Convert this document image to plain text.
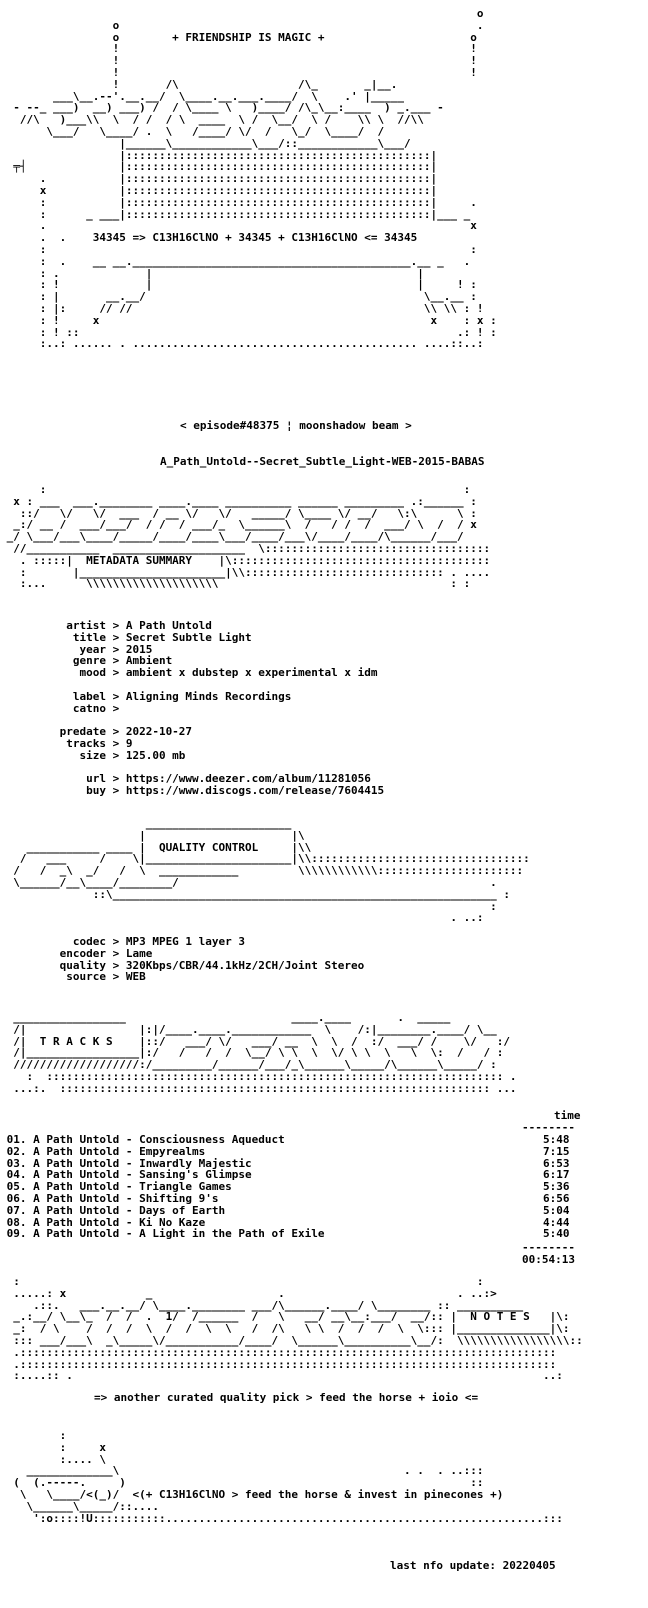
o
o                                                      .
o        + FRIENDSHIP IS MAGIC +                      o
!                                                     !
!                                                     !
!                                                     !
!       /\                  /\_       _|__.
___\__.--'.__.__/  \____.__.___.____/  \    .' |_____
- --_ ___)  __) ___) /  / \____ \   )____/ /\_\__:____  ) _.___ -
//\   )___\\  \  / /  / \  ____  \ /  \__/  \ /    \\ \  //\\
\___/   \____/ .  \   /____/ \/  /   \_/  \____/  /
|______\____________\___/::____________\___/
|::::::::::::::::::::::::::::::::::::::::::::::|
╤┤              |::::::::::::::::::::::::::::::::::::::::::::::|
.           |::::::::::::::::::::::::::::::::::::::::::::::|
x           |::::::::::::::::::::::::::::::::::::::::::::::|
:           |::::::::::::::::::::::::::::::::::::::::::::::|     .
:      _ ___|::::::::::::::::::::::::::::::::::::::::::::::|___ _
.                                                                x
.  .    34345 => C13H16ClNO + 34345 + C13H16ClNO <= 34345
:                                                                :
:  .    __ __.__________________________________________.__ _   .
: .             |                                        |
: !             |                                        |     ! :
: |       __.__/                                          \__.__ :
: |:     // //                                            \\ \\ : !
: !     x                                                  x    : x :
: ! ::                                                         .: ! :
:..: ...... . ........................................... ....::..:
< episode#48375 ¦ moonshadow beam >
A_Path_Untold--Secret_Subtle_Light-WEB-2015-BABAS
:                                                               :
x : ___  ___.________ ____.____ __________ ______ _________ .:______ :
::/   \/   \/  ___  / __ \/   \/   _____/ \____ \/ __/   \:\      \ :
_:/ __ /  ___/___/  / /  / ___/_  \______\  /   / /  /  ___/ \  /  / x
_/ \___/___\____/_____/____/____\___/____/___\/____/____/\______/___/
//___________  ____________________  \::::::::::::::::::::::::::::::::::
. :::::|  METADATA SUMMARY    |\:::::::::::::::::::::::::::::::::::::::
:       |______________________|\\:::::::::::::::::::::::::::::: . ....
:...      \\\\\\\\\\\\\\\\\\\\                                   : :
artist > A Path Untold
title > Secret Subtle Light
year > 2015
genre > Ambient
mood > ambient x dubstep x experimental x idm

label > Aligning Minds Recordings
catno >

predate > 2022-10-27
tracks > 9
size > 125.00 mb

url > https://www.deezer.com/album/11281056
buy > https://www.discogs.com/release/7604415
______________________
|                      |\
___________ ____ |  QUALITY CONTROL     |\\
/   ___     /    \|______________________|\\:::::::::::::::::::::::::::::::::
/   /  _\  _/   /  \  ____________         \\\\\\\\\\\\::::::::::::::::::::::
\______/__\____/________/                                               .
::\__________________________________________________________ :
:
. ..:
codec > MP3 MPEG 1 layer 3
encoder > Lame
quality > 320Kbps/CBR/44.1kHz/2CH/Joint Stereo
source > WEB
_________________                         ____.____       .  _____
/|                 |:|/____.____.____________  \    /:|________.____/ \__
/|  T R A C K S    |::/   ___/ \/   ___/ __  \  \  /  :/  ___/ /    \/   :/
/|_________________|:/   /   /  /  \__/ \ \  \  \/ \ \  \   \  \:  /   / :
///////////////////:/_________/______/___/_\______\_____/\______\_____/ :
:  ::::::::::::::::::::::::::::::::::::::::::::::::::::::::::::::::::::: .
...:.  ::::::::::::::::::::::::::::::::::::::::::::::::::::::::::::::::: ...
time
--------
01. A Path Untold - Consciousness Aqueduct                                       5:48
02. A Path Untold - Empyrealms                                                   7:15
03. A Path Untold - Inwardly Majestic                                            6:53
04. A Path Untold - Sansing's Glimpse                                            6:17
05. A Path Untold - Triangle Games                                               5:36
06. A Path Untold - Shifting 9's                                                 6:56
07. A Path Untold - Days of Earth                                                5:04
08. A Path Untold - Ki No Kaze                                                   4:44
09. A Path Untold - A Light in the Path of Exile                                 5:40
--------
00:54:13
:                                                                     :
.....: x            _                   .                          . ..:>
.::.   ___.__.__/ \____.________ ___/\______.____/ \________ :: __________
_.:__/ \__\_  /  /  .  1/  /______  /   \   __/ __\__:___/  __/:: |  N O T E S   |\:
_:  / \    /  /  /  \  /  /  \  \   /  /\   \ \  /  /  /  \  \::: |______________|\:
::: ___/___\  _\_____\/___________/____/  \______\__________\__/:  \\\\\\\\\\\\\\\\\::
.:::::::::::::::::::::::::::::::::::::::::::::::::::::::::::::::::::::::::::::::::
.:::::::::::::::::::::::::::::::::::::::::::::::::::::::::::::::::::::::::::::::::
:....:: .                                                                       ..:
=> another curated quality pick > feed the horse + ioio <=
:
:     x
:.... \
_____________\                                           . .  . ..:::
(  (.-----.     )                                                    ::
\   \____/<(_)/  <(+ C13H16ClNO > feed the horse & invest in pinecones +)
\______\_____/::....
':o::::!U:::::::::::.........................................................:::
last nfo update: 20220405
